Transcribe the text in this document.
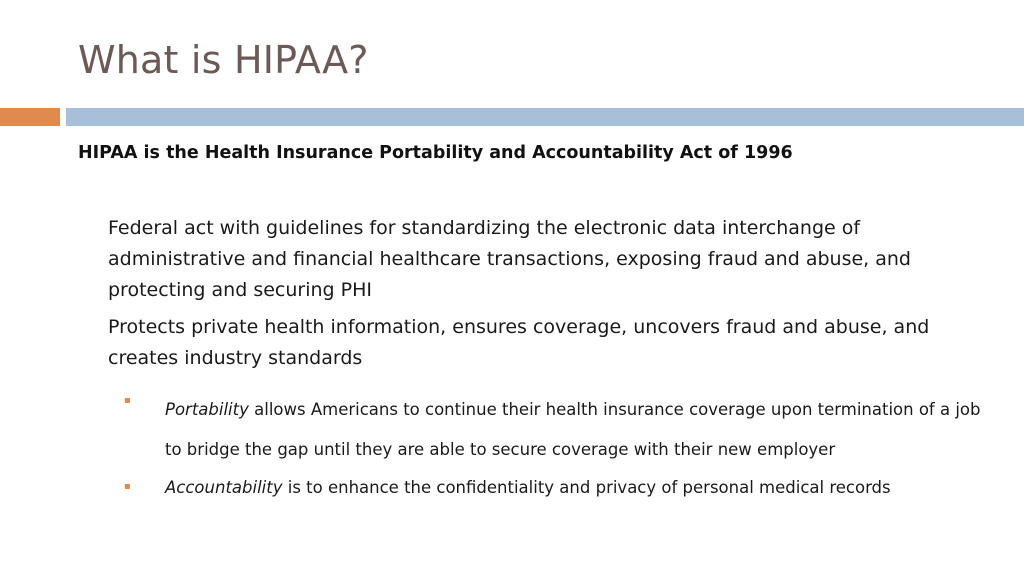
What is HIPAA?
HIPAA is the Health Insurance Portability and Accountability Act of 1996
Federal act with guidelines for standardizing the electronic data interchange of administrative and financial healthcare transactions, exposing fraud and abuse, and protecting and securing PHI
Protects private health information, ensures coverage, uncovers fraud and abuse, and creates industry standards
▪ Portability allows Americans to continue their health insurance coverage upon termination of a job to bridge the gap until they are able to secure coverage with their new employer
▪ Accountability is to enhance the confidentiality and privacy of personal medical records
